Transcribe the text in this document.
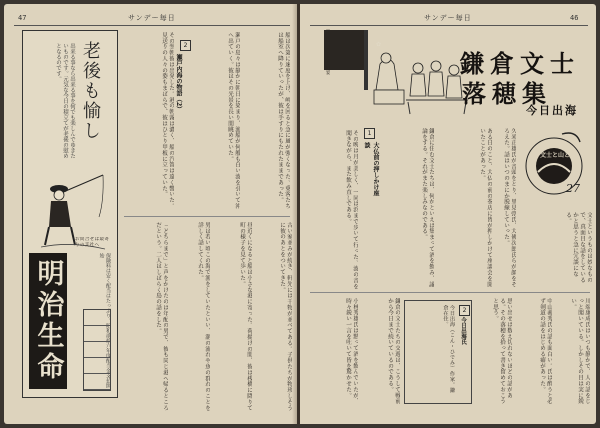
47	サンデー毎日
老後も愉し
出来る事なら出来る事を何でも楽しんでゆきたいものです。元気な今日の積立てが老後の慰めとなるのです。
明治生命	保険料は安く配当はたっぷり。昭和貳拾六年度配当金支払開始
お問合せは最寄りの支社へ
2
瀬戸内海の物語（2）
その翌朝彼は出発した。港の朝霧は濃く、船の汽笛は遠く響いた。見送りの人々の姿もまばらで、彼はひとり甲板に立っていた。	瀬戸の島々は静かに朝日に染まり、漁船が何艘も白い波を引いて沖へ出ていく。彼はその光景を長い間眺めていた。	船は次第に速度を上げ、岬を回ると急に風が強くなった。乗客たちは船室へ降りていったが、彼は手すりにもたれたままであった。
「どちらまで」と声をかけたのは年配の男で、彼も同じ港へ帰るところだという。二人はしばらく島の話をした。	男は若い頃この海で漁をしていたといい、潮の流れや魚の群れのことを詳しく話してくれた。	昼近くになると船は小さな港に寄った。荷揚げの間、彼は桟橋に降りて町の様子を見て歩いた。	古い家並みが続き、軒先には干物が並べてある。子供たちが物珍しそうに彼のあとをついてきた。
サンデー毎日	46
✿
（漫画）文士たちの宴	鎌倉文士
落穂集
今日出海
文士と山と
27
1
大仏前の押しかけ座談	鎌倉に住む文士たちは、何かといえば集まって酒を飲み、議論をする。それがまた楽しみなのである。	ある日のこと、大仏の前の茶店に皆が押しかけて座談会を開いたことがあった。	久米正雄氏が音頭をとり、里見弴氏、大佛次郎氏らが顔をそろえた。話はいつのまにか脱線していった。
文士というものは妙なもので、真面目な話をしているかと思うと急に冗談になる。
その晩は月が美しく、一同は浜まで歩いて行った。波の音を聞きながら、また飲み直しである。
小林秀雄氏は黙って酒を飲んでいたが、時々鋭い一言を吐いて皆を驚かせた。	鎌倉の文士たちの交遊は、こうして戦前から今日まで続いているのである。	2
今日出海氏
今日出海（こん・ひでみ）作家。鎌倉在住。	思い出せば数え切れないほどの話がある。その落穂を拾って書き留めておこうと思う。	中山義秀氏の話も面白い。氏は酔うと必ず剣道の話をはじめる癖があった。	川端康成氏はいつも静かで、人の話をじっと聞いている。しかしその目は実に鋭い。
